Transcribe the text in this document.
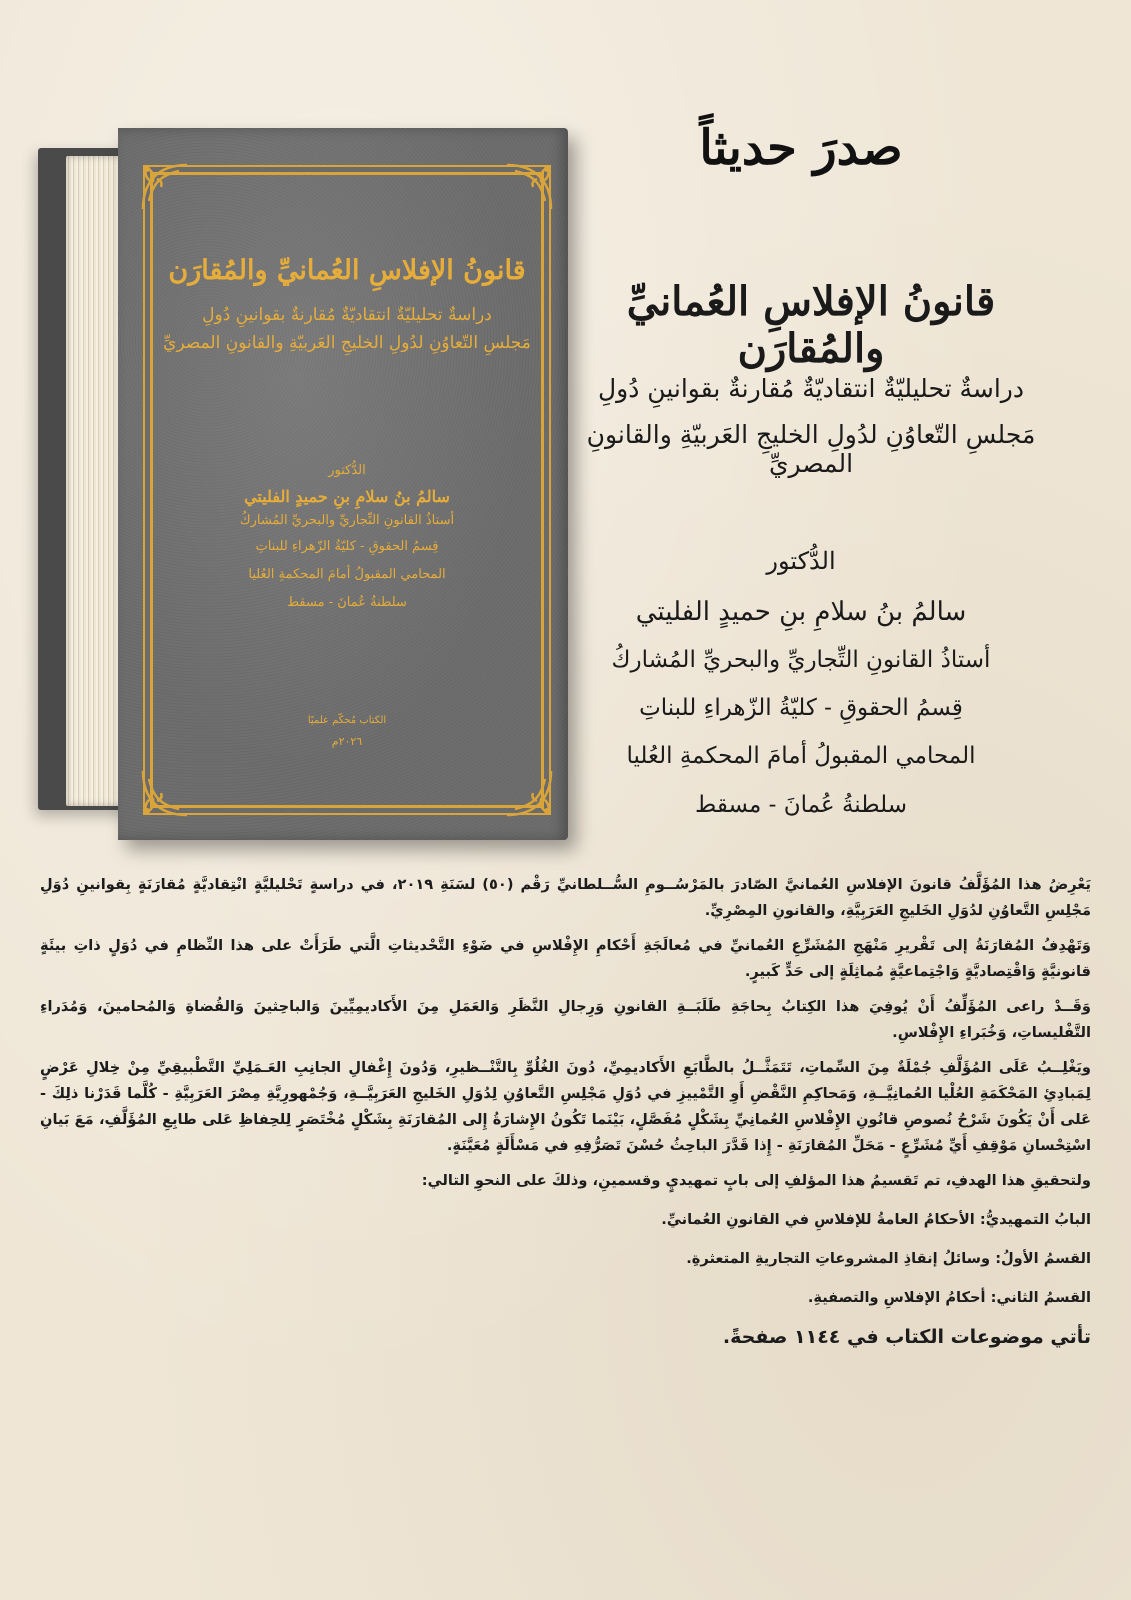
قانونُ الإفلاسِ العُمانيِّ والمُقارَن
دراسةٌ تحليليّةٌ انتقاديّةٌ مُقارنةٌ بقوانينِ دُولِ
مَجلسِ التّعاوُنِ لدُولِ الخليجِ العَربيّةِ والقانونِ المصريِّ
الدُّكتور
سالمُ بنُ سلامِ بنِ حميدٍ الفليتي
أستاذُ القانونِ التِّجاريِّ والبحريِّ المُشاركُ
قِسمُ الحقوقِ - كليّةُ الزّهراءِ للبناتِ
المحامي المقبولُ أمامَ المحكمةِ العُليا
سلطنةُ عُمانَ - مسقط
الكتاب مُحكّم علميًا
٢٠٢٦م
صدرَ حديثاً
قانونُ الإفلاسِ العُمانيِّ والمُقارَن
دراسةٌ تحليليّةٌ انتقاديّةٌ مُقارنةٌ بقوانينِ دُولِ
مَجلسِ التّعاوُنِ لدُولِ الخليجِ العَربيّةِ والقانونِ المصريِّ
الدُّكتور
سالمُ بنُ سلامِ بنِ حميدٍ الفليتي
أستاذُ القانونِ التِّجاريِّ والبحريِّ المُشاركُ
قِسمُ الحقوقِ - كليّةُ الزّهراءِ للبناتِ
المحامي المقبولُ أمامَ المحكمةِ العُليا
سلطنةُ عُمانَ - مسقط

يَعْرِضُ هذا المُؤَلَّفُ قانونَ الإفلاسِ العُمانيَّ الصّادرَ بالمَرْسُــومِ السُّــلطانيِّ رَقْم (٥٠) لسَنَةِ ٢٠١٩، في دراسةٍ تَحْليليَّةٍ انْتِقاديَّةٍ مُقارَنَةٍ بِقوانينِ دُوَلِ مَجْلِسِ التَّعاوُنِ لدُوَلِ الخَليجِ العَرَبِيَّةِ، والقانونِ المِصْرِيِّ.

وَتَهْدِفُ المُقارَنَةُ إلى تَقْريرِ مَنْهَجِ المُشَرِّعِ العُمانيِّ في مُعالَجَةِ أَحْكامِ الإِفْلاسِ في ضَوْءِ التَّحْديثاتِ الَّتي طَرَأَتْ على هذا النِّظامِ في دُوَلٍ ذاتِ بيئَةٍ قانونيَّةٍ وَاقْتِصاديَّةٍ وَاجْتِماعيَّةٍ مُماثِلَةٍ إلى حَدٍّ كَبيرٍ.

وَقَــدْ راعى المُؤَلِّفُ أَنْ يُوفِيَ هذا الكِتابُ بِحاجَةِ طَلَبَــةِ القانونِ وَرِجالِ النَّظَرِ وَالعَمَلِ مِنَ الأَكاديمِيِّينَ وَالباحِثينَ وَالقُضاةِ وَالمُحامينَ، وَمُدَراءِ التَّفْليساتِ، وَخُبَراءِ الإِفْلاسِ.

ويَغْلِــبُ عَلَى المُؤَلَّفِ جُمْلَةٌ مِنَ السِّماتِ، تَتَمَثَّــلُ بالطَّابَعِ الأَكاديمِيِّ، دُونَ الغُلُوِّ بِالتَّنْــظيرِ، وَدُونَ إِغْفالِ الجانِبِ العَـمَلِيِّ التَّطْبيقِيِّ مِنْ خِلالِ عَرْضٍ لِمَبادِئِ المَحْكَمَةِ العُلْيا العُمانِيَّــةِ، وَمَحاكِمِ النَّقْضِ أَوِ التَّمْييزِ في دُوَلِ مَجْلِسِ التَّعاوُنِ لِدُوَلِ الخَليجِ العَرَبِيَّــةِ، وَجُمْهورِيَّةِ مِصْرَ العَرَبِيَّةِ - كُلَّما قَدَرْنا ذلِكَ - عَلى أَنْ يَكُونَ شَرْحُ نُصوصِ قانُونِ الإِفْلاسِ العُمانِيِّ بِشَكْلٍ مُفَصَّلٍ، بَيْنَما تَكُونُ الإِشارَةُ إِلى المُقارَنَةِ بِشَكْلٍ مُخْتَصَرٍ لِلحِفاظِ عَلى طابِعِ المُؤَلَّفِ، مَعَ بَيانِ اسْتِحْسانِ مَوْقِفِ أَيِّ مُشَرِّعٍ - مَحَلِّ المُقارَنَةِ - إِذا قَدَّرَ الباحِثُ حُسْنَ تَصَرُّفِهِ في مَسْأَلَةٍ مُعَيَّنَةٍ.

ولتحقيقِ هذا الهدفِ، تم تَقسيمُ هذا المؤلفِ إلى بابٍ تمهيديٍ وقسمينِ، وذلكَ على النحوِ التالي:

البابُ التمهيديُّ: الأحكامُ العامةُ للإفلاسِ في القانونِ العُمانيِّ.

القسمُ الأولُ: وسائلُ إنقاذِ المشروعاتِ التجاريةِ المتعثرةِ.

القسمُ الثاني: أحكامُ الإفلاسِ والتصفيةِ.

تأتي موضوعات الكتاب في ١١٤٤ صفحةً.
